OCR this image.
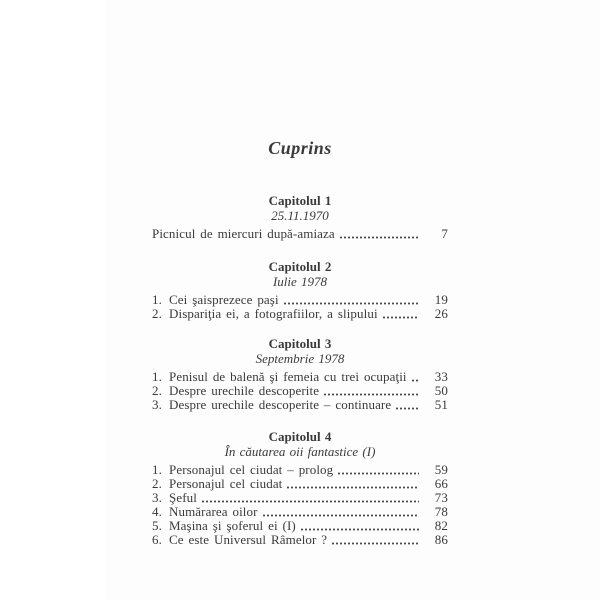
Cuprins
Capitolul 1
25.11.1970
Picnicul de miercuri după-amiaza	7
Capitolul 2
Iulie 1978
1. Cei şaisprezece paşi	19
2. Dispariţia ei, a fotografiilor, a slipului	26
Capitolul 3
Septembrie 1978
1. Penisul de balenă şi femeia cu trei ocupaţii	33
2. Despre urechile descoperite	50
3. Despre urechile descoperite – continuare	51
Capitolul 4
În căutarea oii fantastice (I)
1. Personajul cel ciudat – prolog	59
2. Personajul cel ciudat	66
3. Şeful	73
4. Numărarea oilor	78
5. Maşina şi şoferul ei (I)	82
6. Ce este Universul Râmelor ?	86
